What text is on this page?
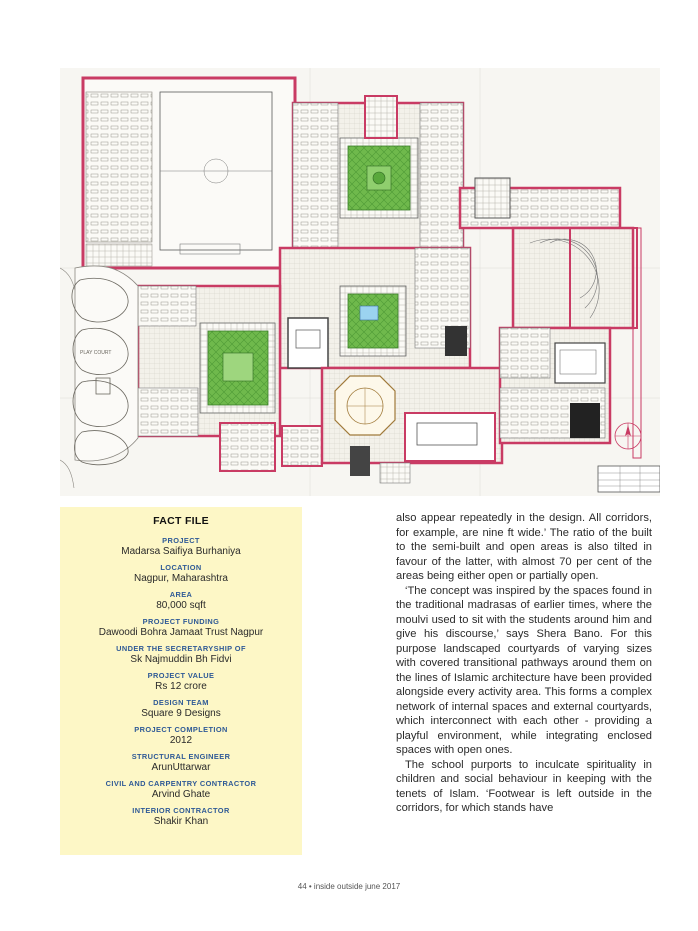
PLAY COURT
FACT FILE
PROJECT
Madarsa Saifiya Burhaniya
LOCATION
Nagpur, Maharashtra
AREA
80,000 sqft
PROJECT FUNDING
Dawoodi Bohra Jamaat Trust Nagpur
UNDER THE SECRETARYSHIP OF
Sk Najmuddin Bh Fidvi
PROJECT VALUE
Rs 12 crore
DESIGN TEAM
Square 9 Designs
PROJECT COMPLETION
2012
STRUCTURAL ENGINEER
ArunUttarwar
CIVIL AND CARPENTRY CONTRACTOR
Arvind Ghate
INTERIOR CONTRACTOR
Shakir Khan

also appear repeatedly in the design. All corridors, for example, are nine ft wide.’ The ratio of the built to the semi-built and open areas is also tilted in favour of the latter, with almost 70 per cent of the areas being either open or partially open.

‘The concept was inspired by the spaces found in the traditional madrasas of earlier times, where the moulvi used to sit with the students around him and give his discourse,’ says Shera Bano. For this purpose landscaped courtyards of varying sizes with covered transitional pathways around them on the lines of Islamic architecture have been provided alongside every activity area. This forms a complex network of internal spaces and external courtyards, which interconnect with each other - providing a playful environment, while integrating enclosed spaces with open ones.

The school purports to inculcate spirituality in children and social behaviour in keeping with the tenets of Islam. ‘Footwear is left outside in the corridors, for which stands have

44 • inside outside june 2017
